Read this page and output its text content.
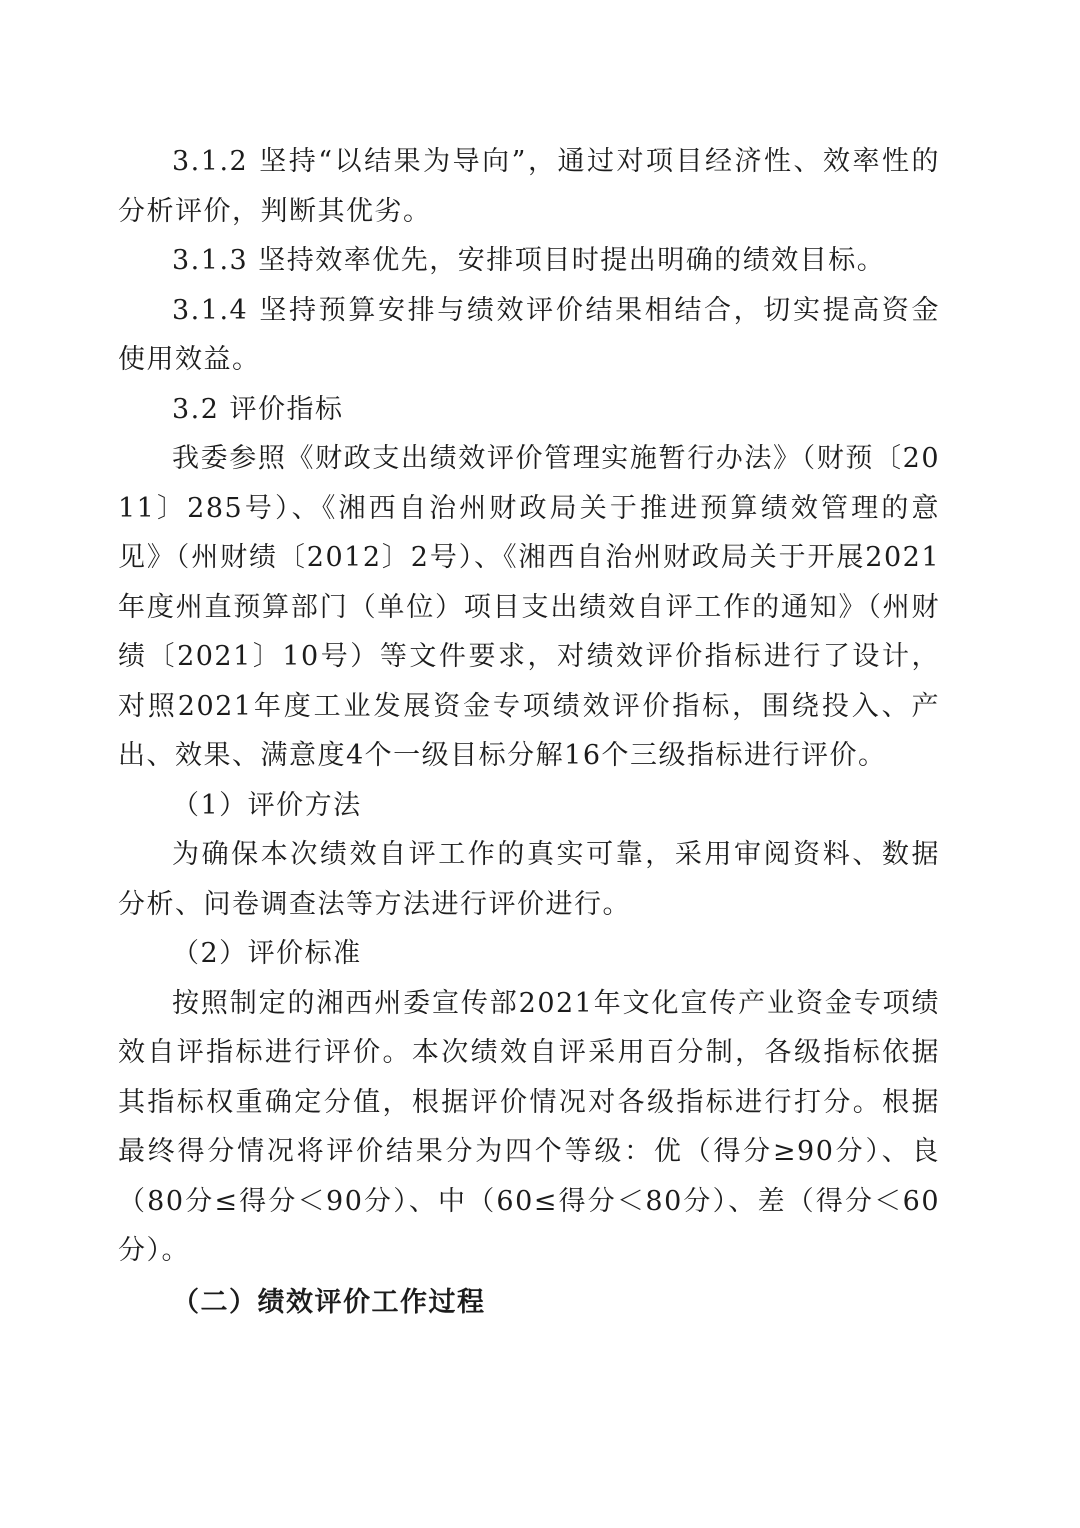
3.1.2 坚持“以结果为导向”，通过对项目经济性、效率性的分析评价，判断其优劣。

3.1.3 坚持效率优先，安排项目时提出明确的绩效目标。

3.1.4 坚持预算安排与绩效评价结果相结合，切实提高资金使用效益。

3.2 评价指标

我委参照《财政支出绩效评价管理实施暂行办法》（财预〔2011〕285号）、《湘西自治州财政局关于推进预算绩效管理的意见》（州财绩〔2012〕2号）、《湘西自治州财政局关于开展2021年度州直预算部门（单位）项目支出绩效自评工作的通知》（州财绩〔2021〕10号）等文件要求，对绩效评价指标进行了设计，对照2021年度工业发展资金专项绩效评价指标，围绕投入、产出、效果、满意度4个一级目标分解16个三级指标进行评价。

（1）评价方法

为确保本次绩效自评工作的真实可靠，采用审阅资料、数据分析、问卷调查法等方法进行评价进行。

（2）评价标准

按照制定的湘西州委宣传部2021年文化宣传产业资金专项绩效自评指标进行评价。本次绩效自评采用百分制，各级指标依据其指标权重确定分值，根据评价情况对各级指标进行打分。根据最终得分情况将评价结果分为四个等级：优（得分≥90分）、良（80分≤得分＜90分）、中（60≤得分＜80分）、差（得分＜60分）。

（二）绩效评价工作过程
